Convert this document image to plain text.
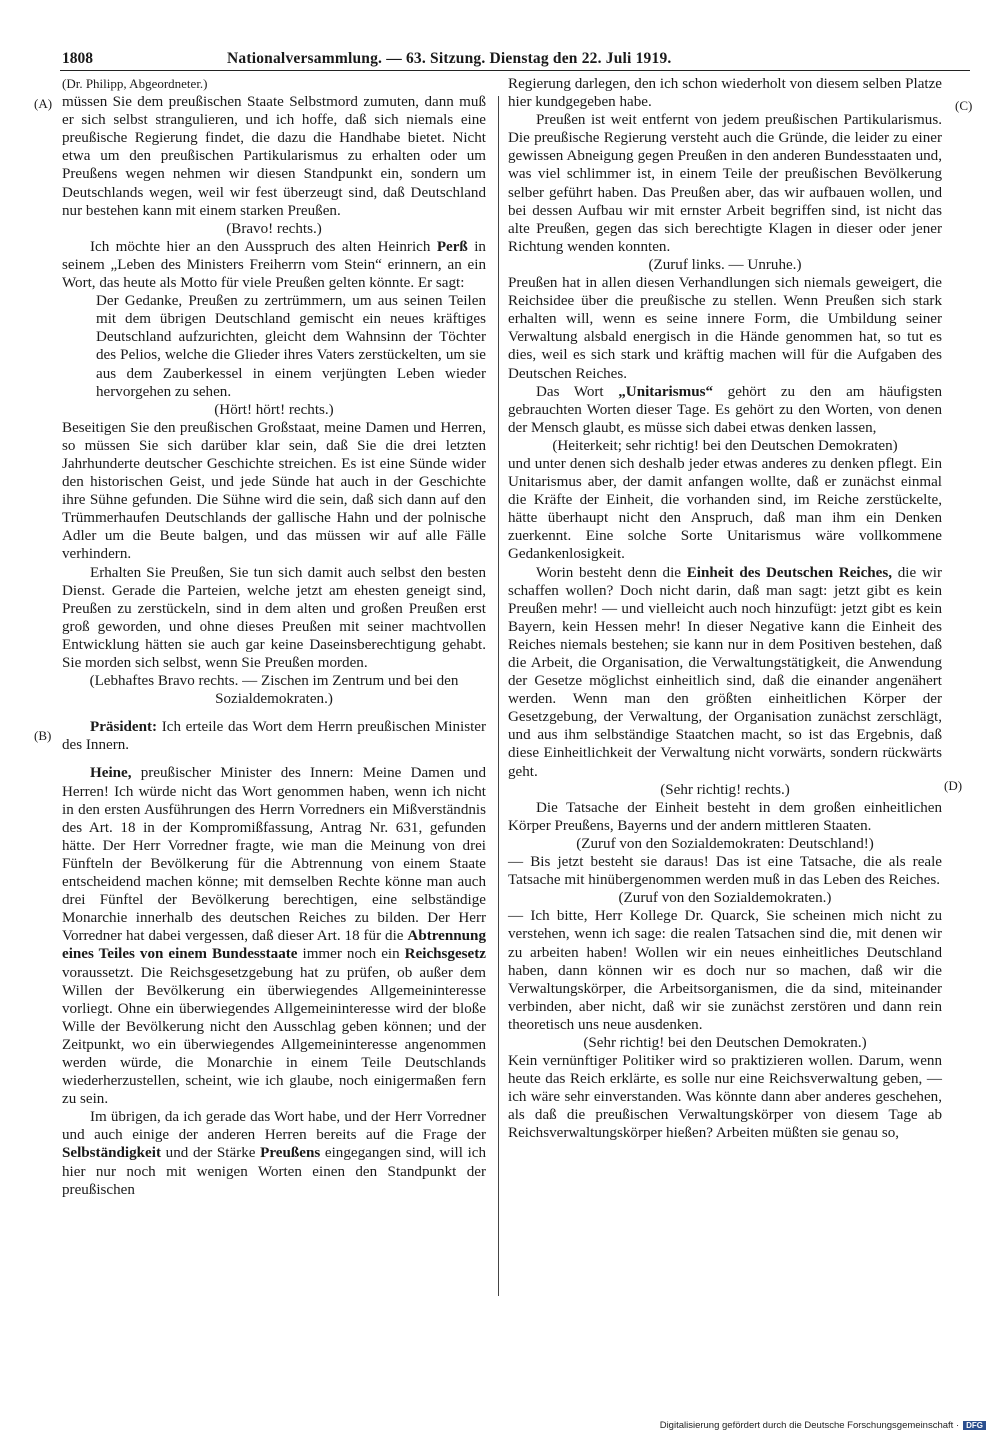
1808	Nationalversammlung. — 63. Sitzung. Dienstag den 22. Juli 1919.
(A)
(B)
(C)
(D)

(Dr. Philipp, Abgeordneter.)

müssen Sie dem preußischen Staate Selbstmord zumuten, dann muß er sich selbst strangulieren, und ich hoffe, daß sich niemals eine preußische Regierung findet, die dazu die Handhabe bietet. Nicht etwa um den preußischen Partikularismus zu erhalten oder um Preußens wegen nehmen wir diesen Standpunkt ein, sondern um Deutschlands wegen, weil wir fest überzeugt sind, daß Deutschland nur bestehen kann mit einem starken Preußen.

(Bravo! rechts.)

Ich möchte hier an den Ausspruch des alten Heinrich Perß in seinem „Leben des Ministers Freiherrn vom Stein“ erinnern, an ein Wort, das heute als Motto für viele Preußen gelten könnte. Er sagt:

Der Gedanke, Preußen zu zertrümmern, um aus seinen Teilen mit dem übrigen Deutschland gemischt ein neues kräftiges Deutschland aufzurichten, gleicht dem Wahnsinn der Töchter des Pelios, welche die Glieder ihres Vaters zerstückelten, um sie aus dem Zauberkessel in einem verjüngten Leben wieder hervorgehen zu sehen.

(Hört! hört! rechts.)

Beseitigen Sie den preußischen Großstaat, meine Damen und Herren, so müssen Sie sich darüber klar sein, daß Sie die drei letzten Jahrhunderte deutscher Geschichte streichen. Es ist eine Sünde wider den historischen Geist, und jede Sünde hat auch in der Geschichte ihre Sühne gefunden. Die Sühne wird die sein, daß sich dann auf den Trümmerhaufen Deutschlands der gallische Hahn und der polnische Adler um die Beute balgen, und das müssen wir auf alle Fälle verhindern.

Erhalten Sie Preußen, Sie tun sich damit auch selbst den besten Dienst. Gerade die Parteien, welche jetzt am ehesten geneigt sind, Preußen zu zerstückeln, sind in dem alten und großen Preußen erst groß geworden, und ohne dieses Preußen mit seiner machtvollen Entwicklung hätten sie auch gar keine Daseinsberechtigung gehabt. Sie morden sich selbst, wenn Sie Preußen morden.

(Lebhaftes Bravo rechts. — Zischen im Zentrum und bei den Sozialdemokraten.)

Präsident: Ich erteile das Wort dem Herrn preußischen Minister des Innern.

Heine, preußischer Minister des Innern: Meine Damen und Herren! Ich würde nicht das Wort genommen haben, wenn ich nicht in den ersten Ausführungen des Herrn Vorredners ein Mißverständnis des Art. 18 in der Kompromißfassung, Antrag Nr. 631, gefunden hätte. Der Herr Vorredner fragte, wie man die Meinung von drei Fünfteln der Bevölkerung für die Abtrennung von einem Staate entscheidend machen könne; mit demselben Rechte könne man auch drei Fünftel der Bevölkerung berechtigen, eine selbständige Monarchie innerhalb des deutschen Reiches zu bilden. Der Herr Vorredner hat dabei vergessen, daß dieser Art. 18 für die Abtrennung eines Teiles von einem Bundesstaate immer noch ein Reichsgesetz voraussetzt. Die Reichsgesetzgebung hat zu prüfen, ob außer dem Willen der Bevölkerung ein überwiegendes Allgemeininteresse vorliegt. Ohne ein überwiegendes Allgemeininteresse wird der bloße Wille der Bevölkerung nicht den Ausschlag geben können; und der Zeitpunkt, wo ein überwiegendes Allgemeininteresse angenommen werden würde, die Monarchie in einem Teile Deutschlands wiederherzustellen, scheint, wie ich glaube, noch einigermaßen fern zu sein.

Im übrigen, da ich gerade das Wort habe, und der Herr Vorredner und auch einige der anderen Herren bereits auf die Frage der Selbständigkeit und der Stärke Preußens eingegangen sind, will ich hier nur noch mit wenigen Worten einen den Standpunkt der preußischen

Regierung darlegen, den ich schon wiederholt von diesem selben Platze hier kundgegeben habe.

Preußen ist weit entfernt von jedem preußischen Partikularismus. Die preußische Regierung versteht auch die Gründe, die leider zu einer gewissen Abneigung gegen Preußen in den anderen Bundesstaaten und, was viel schlimmer ist, in einem Teile der preußischen Bevölkerung selber geführt haben. Das Preußen aber, das wir aufbauen wollen, und bei dessen Aufbau wir mit ernster Arbeit begriffen sind, ist nicht das alte Preußen, gegen das sich berechtigte Klagen in dieser oder jener Richtung wenden konnten.

(Zuruf links. — Unruhe.)

Preußen hat in allen diesen Verhandlungen sich niemals geweigert, die Reichsidee über die preußische zu stellen. Wenn Preußen sich stark erhalten will, wenn es seine innere Form, die Umbildung seiner Verwaltung alsbald energisch in die Hände genommen hat, so tut es dies, weil es sich stark und kräftig machen will für die Aufgaben des Deutschen Reiches.

Das Wort „Unitarismus“ gehört zu den am häufigsten gebrauchten Worten dieser Tage. Es gehört zu den Worten, von denen der Mensch glaubt, es müsse sich dabei etwas denken lassen,

(Heiterkeit; sehr richtig! bei den Deutschen Demokraten)

und unter denen sich deshalb jeder etwas anderes zu denken pflegt. Ein Unitarismus aber, der damit anfangen wollte, daß er zunächst einmal die Kräfte der Einheit, die vorhanden sind, im Reiche zerstückelte, hätte überhaupt nicht den Anspruch, daß man ihm ein Denken zuerkennt. Eine solche Sorte Unitarismus wäre vollkommene Gedankenlosigkeit.

Worin besteht denn die Einheit des Deutschen Reiches, die wir schaffen wollen? Doch nicht darin, daß man sagt: jetzt gibt es kein Preußen mehr! — und vielleicht auch noch hinzufügt: jetzt gibt es kein Bayern, kein Hessen mehr! In dieser Negative kann die Einheit des Reiches niemals bestehen; sie kann nur in dem Positiven bestehen, daß die Arbeit, die Organisation, die Verwaltungstätigkeit, die Anwendung der Gesetze möglichst einheitlich sind, daß die einander angenähert werden. Wenn man den größten einheitlichen Körper der Gesetzgebung, der Verwaltung, der Organisation zunächst zerschlägt, und aus ihm selbständige Staatchen macht, so ist das Ergebnis, daß diese Einheitlichkeit der Verwaltung nicht vorwärts, sondern rückwärts geht.

(Sehr richtig! rechts.)

Die Tatsache der Einheit besteht in dem großen einheitlichen Körper Preußens, Bayerns und der andern mittleren Staaten.

(Zuruf von den Sozialdemokraten: Deutschland!)

— Bis jetzt besteht sie daraus! Das ist eine Tatsache, die als reale Tatsache mit hinübergenommen werden muß in das Leben des Reiches.

(Zuruf von den Sozialdemokraten.)

— Ich bitte, Herr Kollege Dr. Quarck, Sie scheinen mich nicht zu verstehen, wenn ich sage: die realen Tatsachen sind die, mit denen wir zu arbeiten haben! Wollen wir ein neues einheitliches Deutschland haben, dann können wir es doch nur so machen, daß wir die Verwaltungskörper, die Arbeitsorganismen, die da sind, miteinander verbinden, aber nicht, daß wir sie zunächst zerstören und dann rein theoretisch uns neue ausdenken.

(Sehr richtig! bei den Deutschen Demokraten.)

Kein vernünftiger Politiker wird so praktizieren wollen. Darum, wenn heute das Reich erklärte, es solle nur eine Reichsverwaltung geben, — ich wäre sehr einverstanden. Was könnte dann aber anderes geschehen, als daß die preußischen Verwaltungskörper von diesem Tage ab Reichsverwaltungskörper hießen? Arbeiten müßten sie genau so,

Digitalisierung gefördert durch die Deutsche Forschungsgemeinschaft · DFG
